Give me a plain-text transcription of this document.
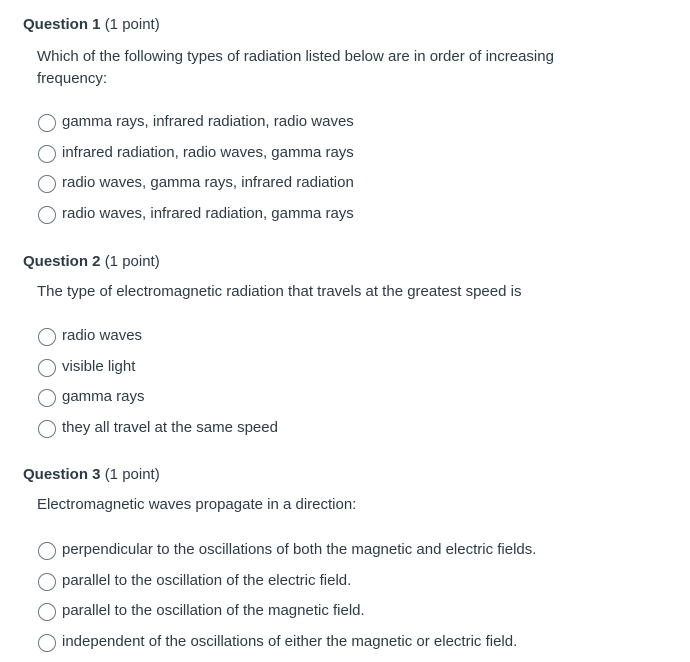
Question 1 (1 point)
Which of the following types of radiation listed below are in order of increasing frequency:
gamma rays, infrared radiation, radio waves
infrared radiation, radio waves, gamma rays
radio waves, gamma rays, infrared radiation
radio waves, infrared radiation, gamma rays
Question 2 (1 point)
The type of electromagnetic radiation that travels at the greatest speed is
radio waves
visible light
gamma rays
they all travel at the same speed
Question 3 (1 point)
Electromagnetic waves propagate in a direction:
perpendicular to the oscillations of both the magnetic and electric fields.
parallel to the oscillation of the electric field.
parallel to the oscillation of the magnetic field.
independent of the oscillations of either the magnetic or electric field.
